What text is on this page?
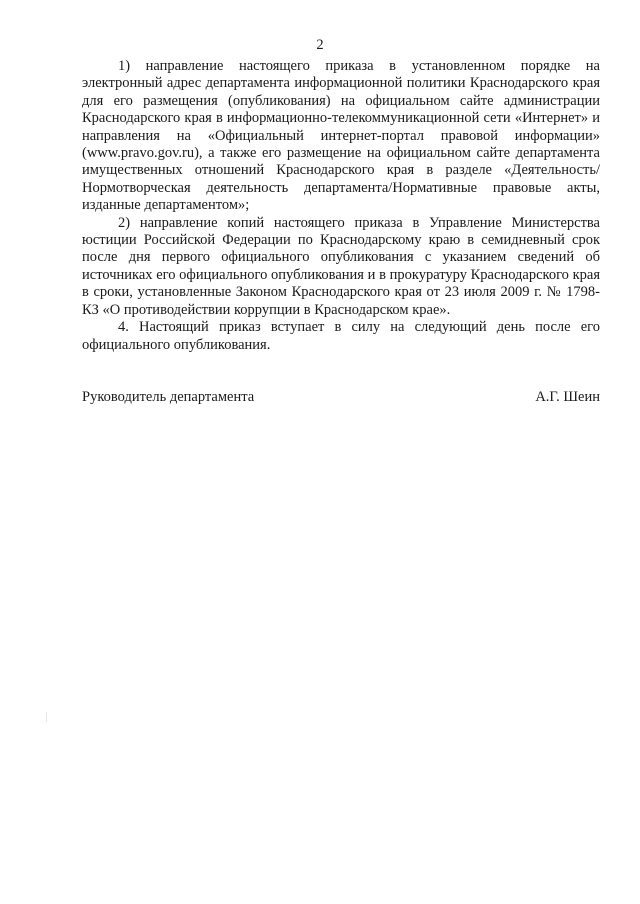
2

1) направление настоящего приказа в установленном порядке на электронный адрес департамента информационной политики Краснодарского края для его размещения (опубликования) на официальном сайте администрации Краснодарского края в информационно-телекоммуникационной сети «Интернет» и направления на «Официальный интернет-портал правовой информации» (www.pravo.gov.ru), а также его размещение на официальном сайте департамента имущественных отношений Краснодарского края в разделе «Деятельность/Нормотворческая деятельность департамента/Нормативные правовые акты, изданные департаментом»;

2) направление копий настоящего приказа в Управление Министерства юстиции Российской Федерации по Краснодарскому краю в семидневный срок после дня первого официального опубликования с указанием сведений об источниках его официального опубликования и в прокуратуру Краснодарского края в сроки, установленные Законом Краснодарского края от 23 июля 2009 г. № 1798-КЗ «О противодействии коррупции в Краснодарском крае».

4. Настоящий приказ вступает в силу на следующий день после его официального опубликования.

Руководитель департамента	А.Г. Шеин
